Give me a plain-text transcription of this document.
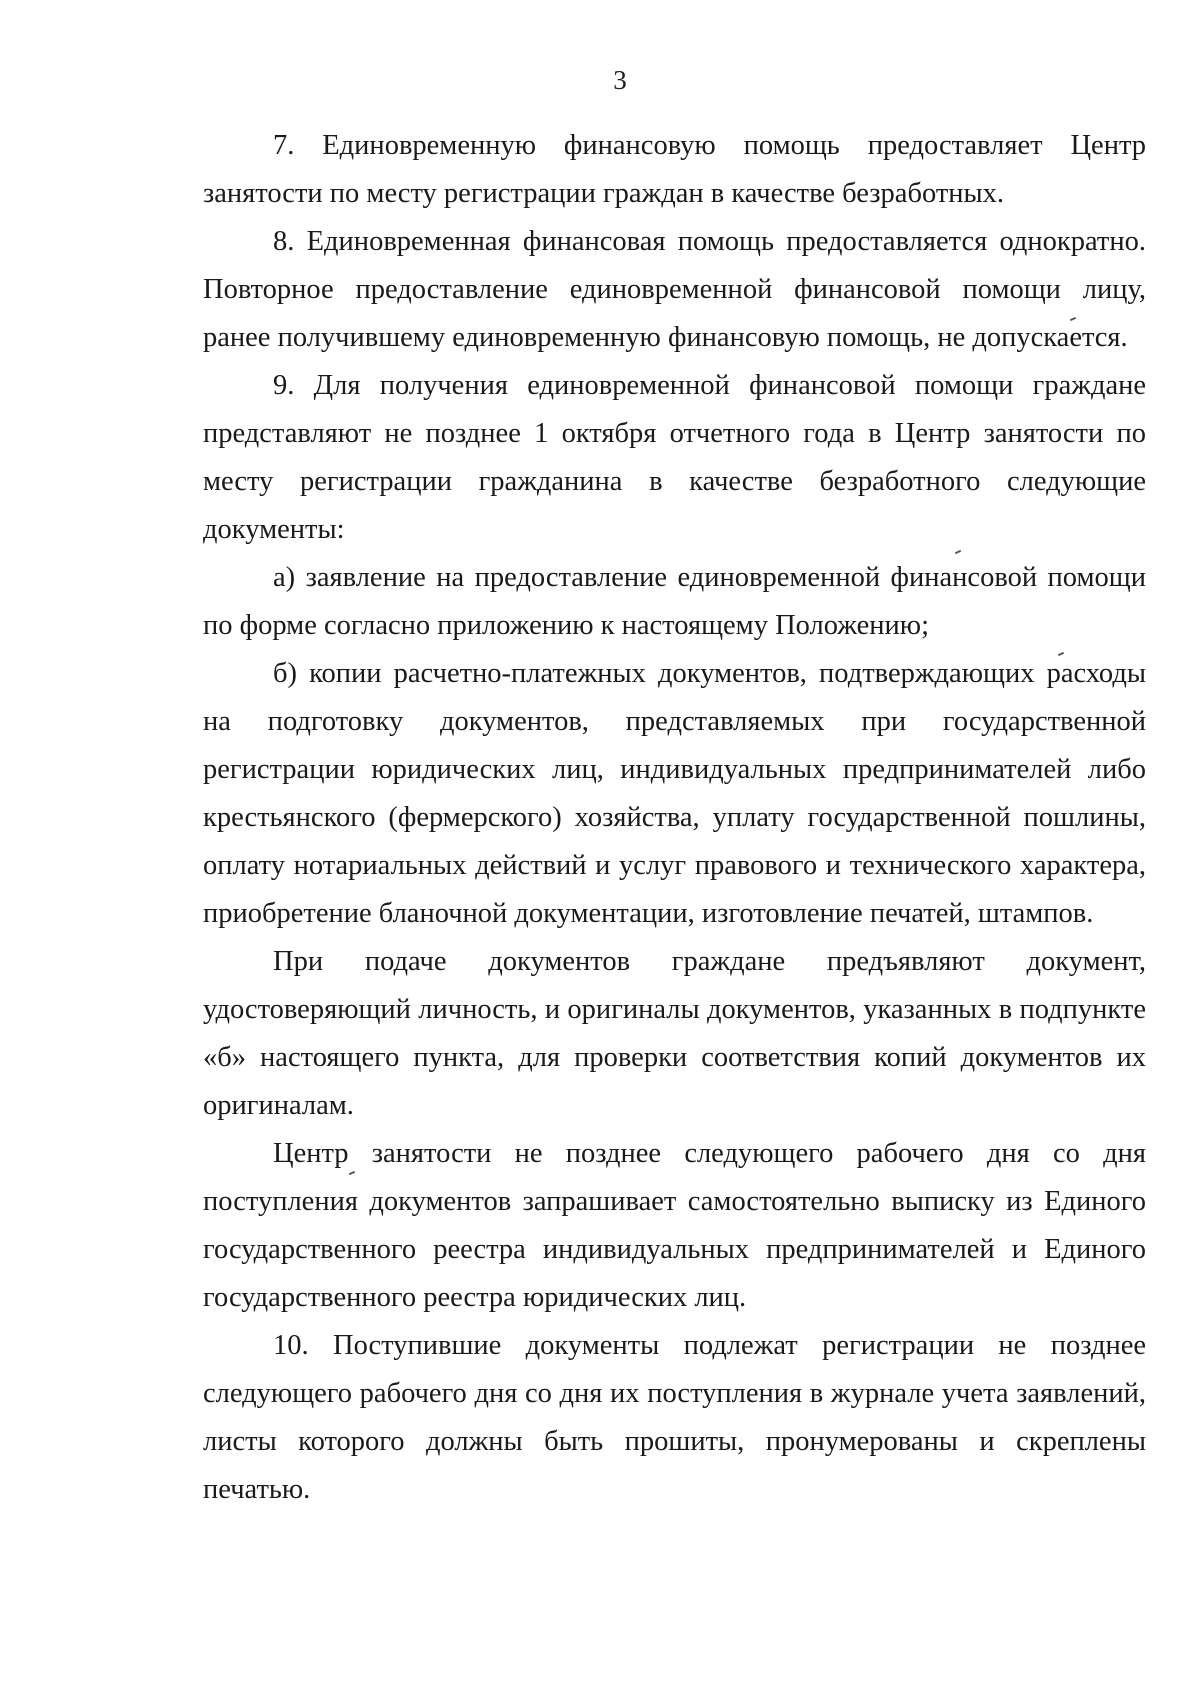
3

7. Единовременную финансовую помощь предоставляет Центр занятости по месту регистрации граждан в качестве безработных.

8. Единовременная финансовая помощь предоставляется однократно. Повторное предоставление единовременной финансовой помощи лицу, ранее получившему единовременную финансовую помощь, не допускается.

9. Для получения единовременной финансовой помощи граждане представляют не позднее 1 октября отчетного года в Центр занятости по месту регистрации гражданина в качестве безработного следующие документы:

а) заявление на предоставление единовременной финансовой помощи по форме согласно приложению к настоящему Положению;

б) копии расчетно-платежных документов, подтверждающих расходы на подготовку документов, представляемых при государственной регистрации юридических лиц, индивидуальных предпринимателей либо крестьянского (фермерского) хозяйства, уплату государственной пошлины, оплату нотариальных действий и услуг правового и технического характера, приобретение бланочной документации, изготовление печатей, штампов.

При подаче документов граждане предъявляют документ, удостоверяющий личность, и оригиналы документов, указанных в подпункте «б» настоящего пункта, для проверки соответствия копий документов их оригиналам.

Центр занятости не позднее следующего рабочего дня со дня поступления документов запрашивает самостоятельно выписку из Единого государственного реестра индивидуальных предпринимателей и Единого государственного реестра юридических лиц.

10. Поступившие документы подлежат регистрации не позднее следующего рабочего дня со дня их поступления в журнале учета заявлений, листы которого должны быть прошиты, пронумерованы и скреплены печатью.
